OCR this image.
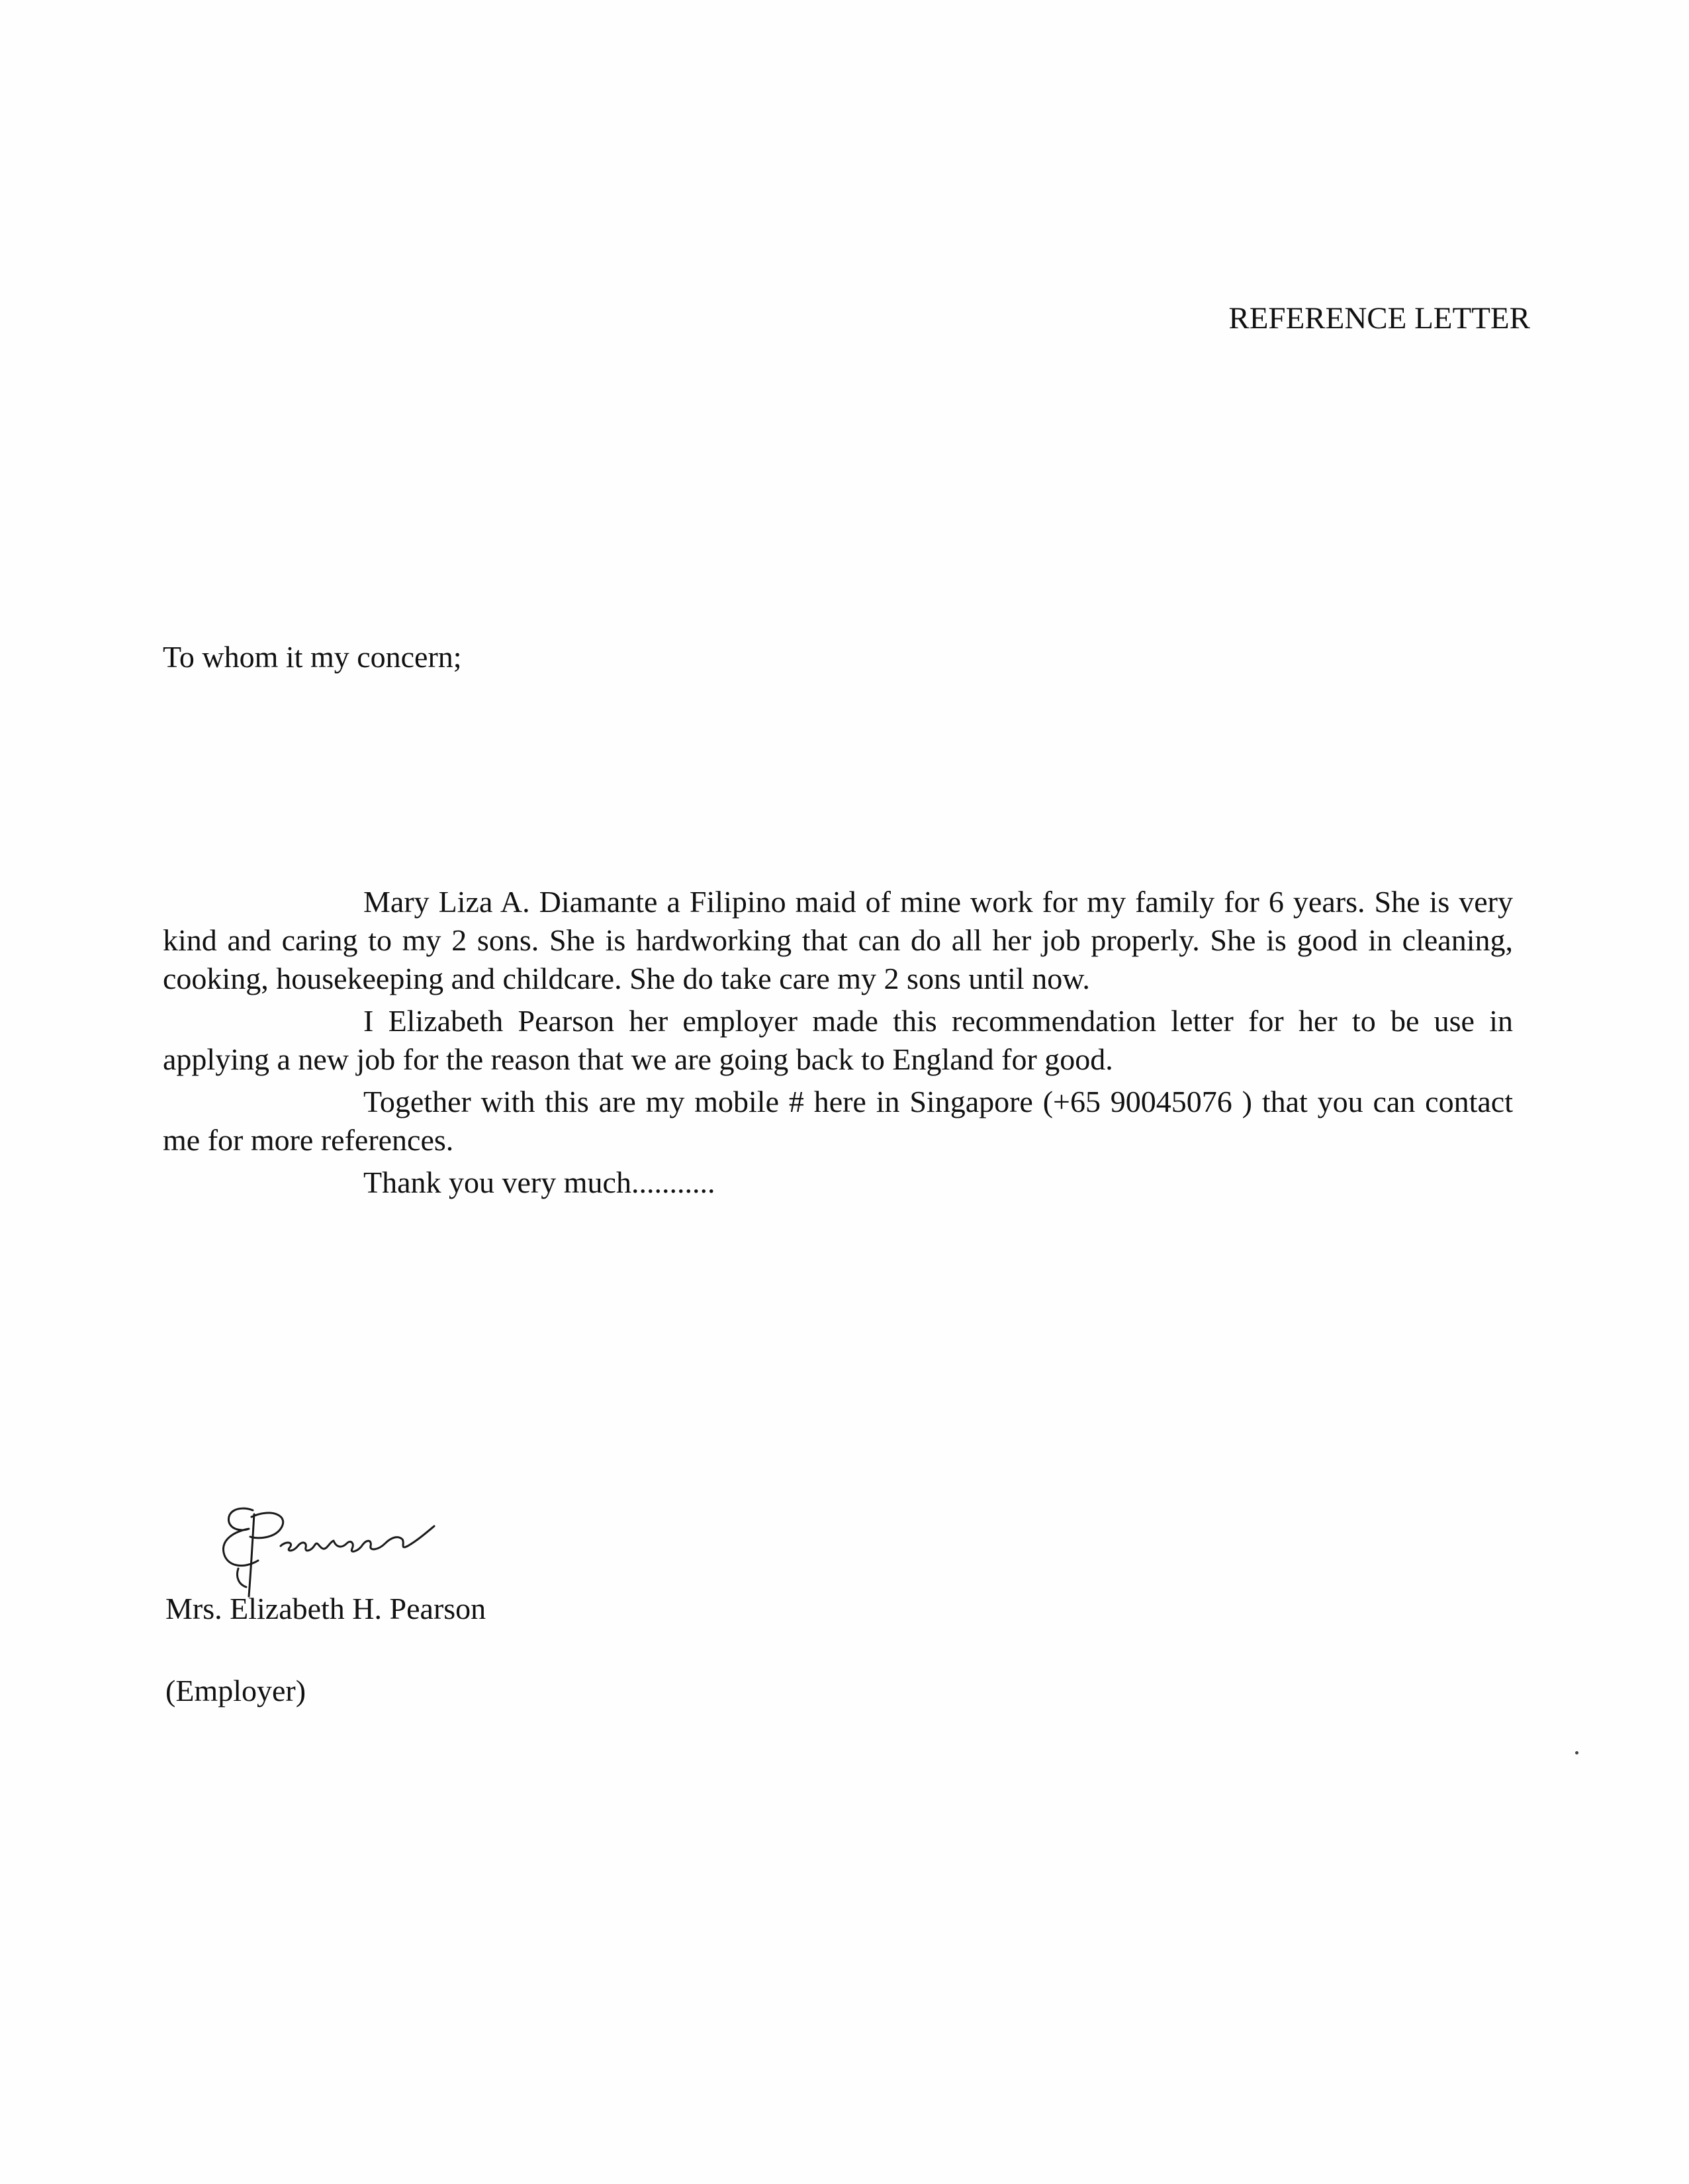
REFERENCE LETTER

To whom it my concern;

Mary Liza A. Diamante a Filipino maid of mine work for my family for 6 years. She is very kind and caring to my 2 sons. She is hardworking that can do all her job properly. She is good in cleaning, cooking, housekeeping and childcare. She do take care my 2 sons until now.

I Elizabeth Pearson her employer made this recommendation letter for her to be use in applying a new job for the reason that we are going back to England for good.

Together with this are my mobile # here in Singapore (+65 90045076 ) that you can contact me for more references.

Thank you very much...........

Mrs. Elizabeth H. Pearson

(Employer)
